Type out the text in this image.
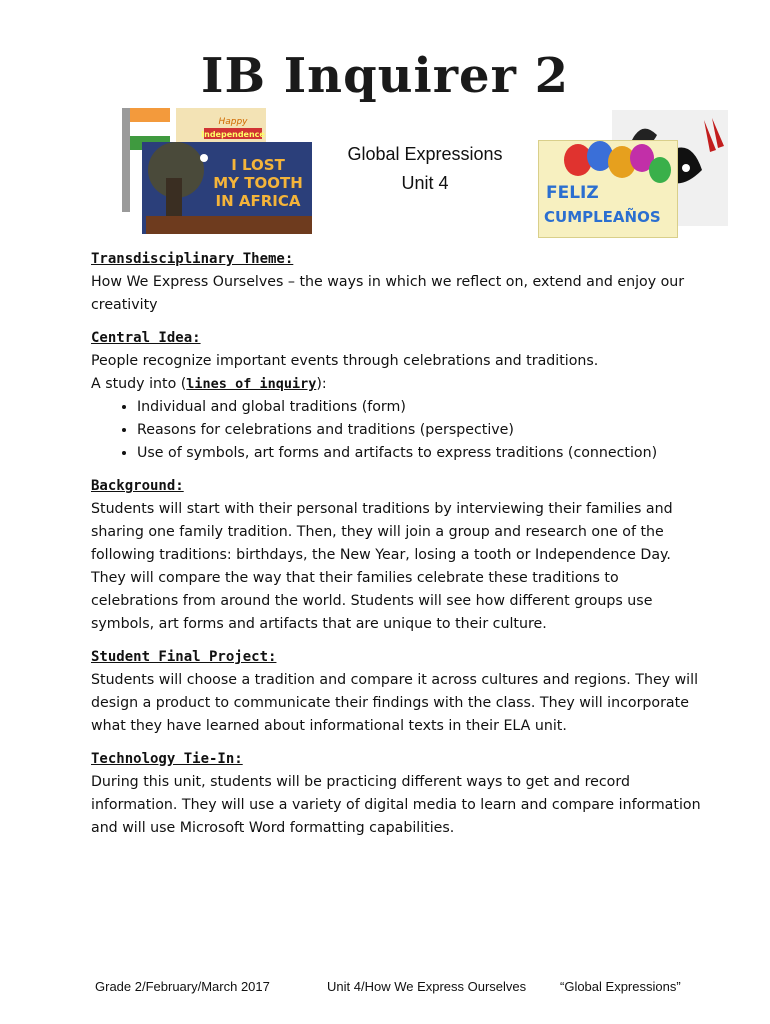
IB Inquirer 2
Happy
Independence
I LOST
MY TOOTH
IN AFRICA
Global Expressions
Unit 4	FELIZ
CUMPLEAÑOS
Transdisciplinary Theme:

How We Express Ourselves – the ways in which we reflect on, extend and enjoy our creativity

Central Idea:

People recognize important events through celebrations and traditions.

A study into (lines of inquiry):

• Individual and global traditions (form)
• Reasons for celebrations and traditions (perspective)
• Use of symbols, art forms and artifacts to express traditions (connection)
Background:

Students will start with their personal traditions by interviewing their families and sharing one family tradition. Then, they will join a group and research one of the following traditions: birthdays, the New Year, losing a tooth or Independence Day. They will compare the way that their families celebrate these traditions to celebrations from around the world. Students will see how different groups use symbols, art forms and artifacts that are unique to their culture.

Student Final Project:

Students will choose a tradition and compare it across cultures and regions. They will design a product to communicate their findings with the class. They will incorporate what they have learned about informational texts in their ELA unit.

Technology Tie-In:

During this unit, students will be practicing different ways to get and record information. They will use a variety of digital media to learn and compare information and will use Microsoft Word formatting capabilities.

Grade 2/February/March 2017	Unit 4/How We Express Ourselves	“Global Expressions”
